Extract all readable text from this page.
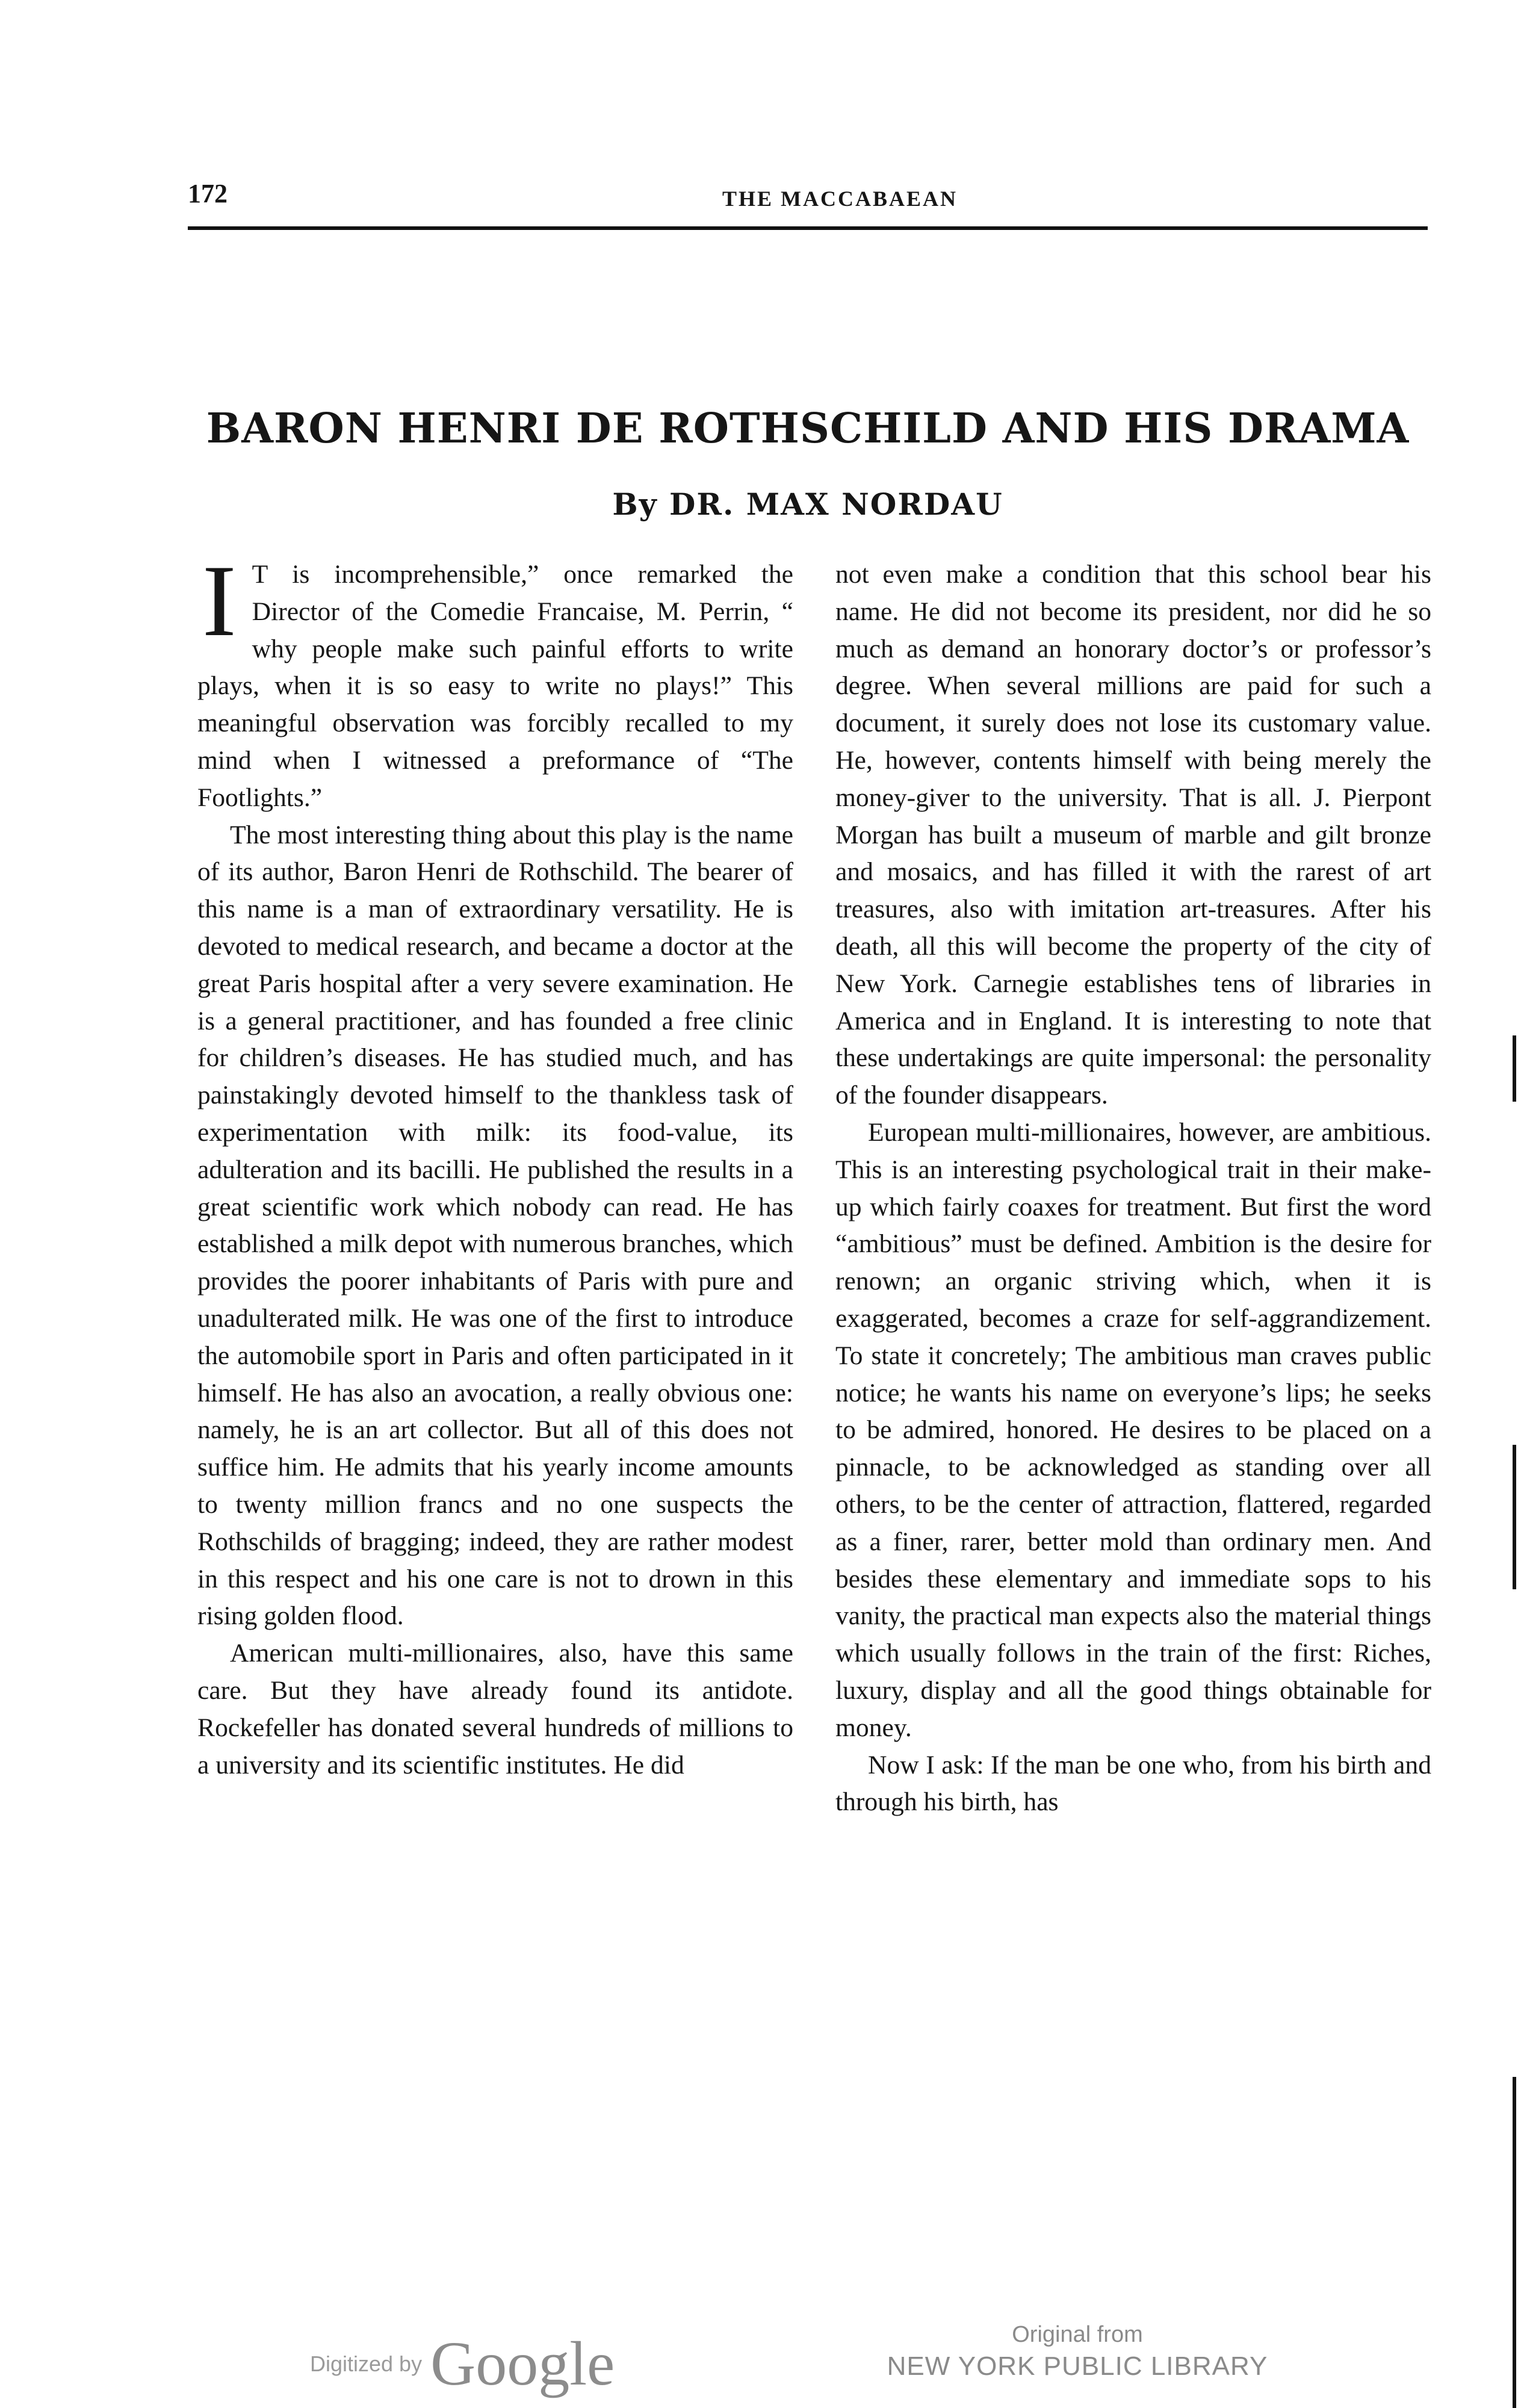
172	THE MACCABAEAN
BARON HENRI DE ROTHSCHILD AND HIS DRAMA
By DR. MAX NORDAU

I T is incomprehensible,” once remarked the Director of the Comedie Francaise, M. Perrin, “ why people make such painful efforts to write plays, when it is so easy to write no plays!” This meaningful observation was forcibly recalled to my mind when I witnessed a preformance of “The Footlights.”

The most interesting thing about this play is the name of its author, Baron Henri de Rothschild. The bearer of this name is a man of extraordinary versatility. He is devoted to medical research, and became a doctor at the great Paris hospital after a very severe examination. He is a general practitioner, and has founded a free clinic for children’s diseases. He has studied much, and has painstakingly devoted himself to the thankless task of experimentation with milk: its food-value, its adulteration and its bacilli. He published the results in a great scientific work which nobody can read. He has established a milk depot with numerous branches, which provides the poorer inhabitants of Paris with pure and unadulterated milk. He was one of the first to introduce the automobile sport in Paris and often participated in it himself. He has also an avocation, a really obvious one: namely, he is an art collector. But all of this does not suffice him. He admits that his yearly income amounts to twenty million francs and no one suspects the Rothschilds of bragging; indeed, they are rather modest in this respect and his one care is not to drown in this rising golden flood.

American multi-millionaires, also, have this same care. But they have already found its antidote. Rockefeller has donated several hundreds of millions to a university and its scientific institutes. He did

not even make a condition that this school bear his name. He did not become its president, nor did he so much as demand an honorary doctor’s or professor’s degree. When several millions are paid for such a document, it surely does not lose its customary value. He, however, contents himself with being merely the money-giver to the university. That is all. J. Pierpont Morgan has built a museum of marble and gilt bronze and mosaics, and has filled it with the rarest of art treasures, also with imitation art-treasures. After his death, all this will become the property of the city of New York. Carnegie establishes tens of libraries in America and in England. It is interesting to note that these undertakings are quite impersonal: the personality of the founder disappears.

European multi-millionaires, however, are ambitious. This is an interesting psychological trait in their make-up which fairly coaxes for treatment. But first the word “ambitious” must be defined. Ambition is the desire for renown; an organic striving which, when it is exaggerated, becomes a craze for self-aggrandizement. To state it concretely; The ambitious man craves public notice; he wants his name on everyone’s lips; he seeks to be admired, honored. He desires to be placed on a pinnacle, to be acknowledged as standing over all others, to be the center of attraction, flattered, regarded as a finer, rarer, better mold than ordinary men. And besides these elementary and immediate sops to his vanity, the practical man expects also the material things which usually follows in the train of the first: Riches, luxury, display and all the good things obtainable for money.

Now I ask: If the man be one who, from his birth and through his birth, has

Digitized by Google	Original from
NEW YORK PUBLIC LIBRARY
